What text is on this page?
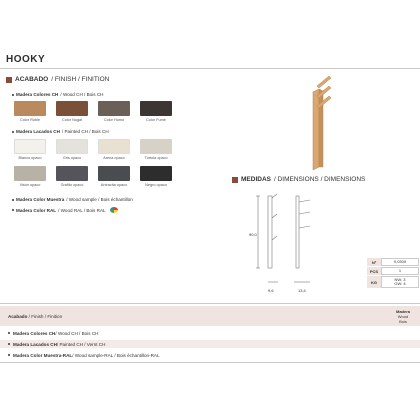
HOOKY
ACABADO / FINISH / FINITION
Madera Colores CH / Wood CH / Bois CH
Color Roble	Color Nogal	Color Humo	Color Fumé
Madera Lacados CH / Painted CH / Bois CH
Blanco opaco	Gris opaco	Arena opaco	Tórtola opaco
Visón opaco	Grafito opaco	Antracita opaco	Negro opaco
Madera Color Muestra / Wood sample / Bois échantillon
Madera Color RAL / Wood RAL / Bois RAL
MEDIDAS / DIMENSIONS / DIMENSIONS
90,0
9,6	13,4
Nº	0,0300
PCS	1
KG	NW: 3
GW: 4
Acabado / Finish / Finition
Madera
Wood
Bois
Madera Colores CH / Wood CH / Bois CH
Madera Lacados CH / Painted CH / Vernt CH
Madera Color Muestra-RAL / Wood sample-RAL / Bois échantillon-RAL
